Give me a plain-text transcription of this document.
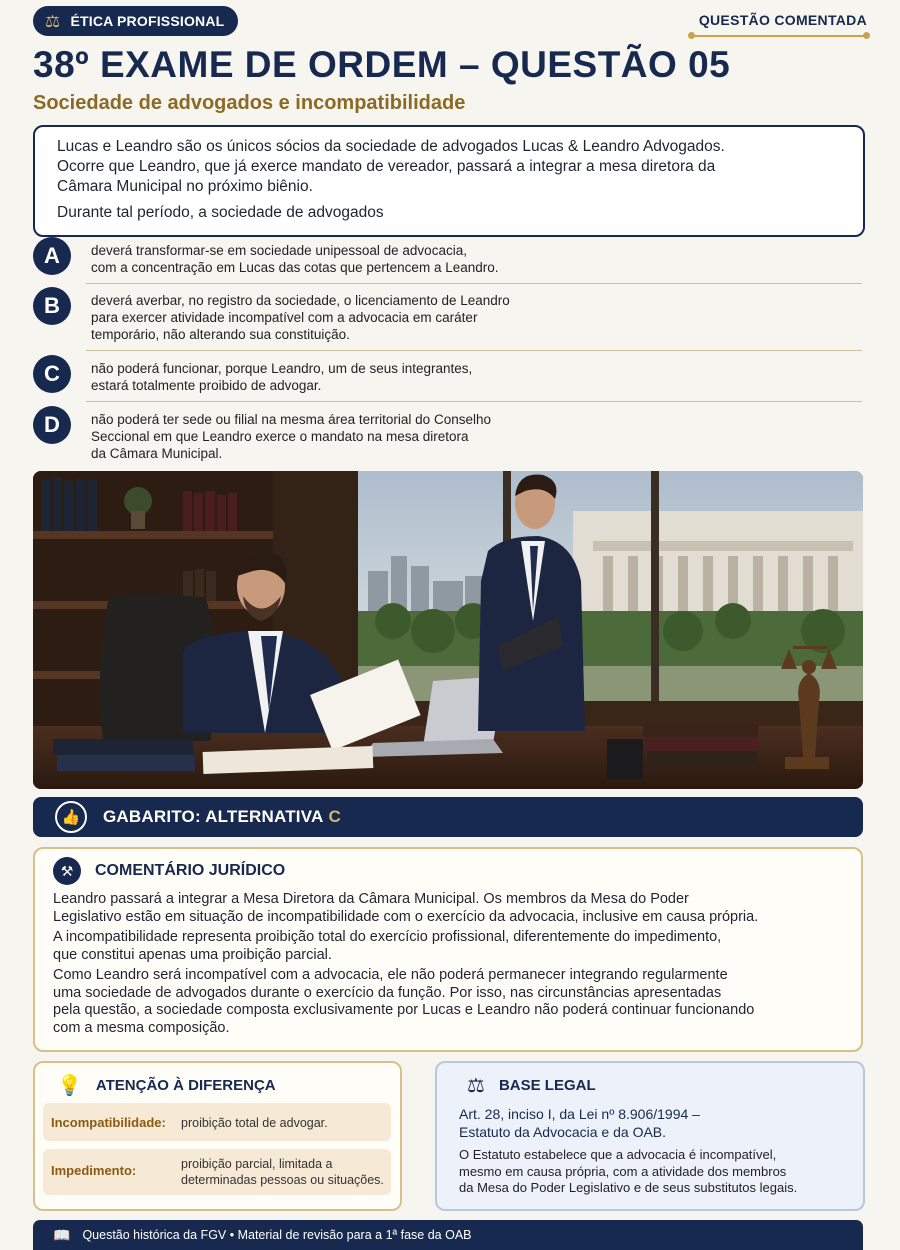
⚖ ÉTICA PROFISSIONAL	QUESTÃO COMENTADA
38º EXAME DE ORDEM – QUESTÃO 05
Sociedade de advogados e incompatibilidade

Lucas e Leandro são os únicos sócios da sociedade de advogados Lucas & Leandro Advogados.

Ocorre que Leandro, que já exerce mandato de vereador, passará a integrar a mesa diretora da

Câmara Municipal no próximo biênio.

Durante tal período, a sociedade de advogados

A	deverá transformar-se em sociedade unipessoal de advocacia,
com a concentração em Lucas das cotas que pertencem a Leandro.
B	deverá averbar, no registro da sociedade, o licenciamento de Leandro
para exercer atividade incompatível com a advocacia em caráter
temporário, não alterando sua constituição.
C	não poderá funcionar, porque Leandro, um de seus integrantes,
estará totalmente proibido de advogar.
D	não poderá ter sede ou filial na mesma área territorial do Conselho
Seccional em que Leandro exerce o mandato na mesa diretora
da Câmara Municipal.
👍	GABARITO: ALTERNATIVA C
⚒	COMENTÁRIO JURÍDICO

Leandro passará a integrar a Mesa Diretora da Câmara Municipal. Os membros da Mesa do Poder
Legislativo estão em situação de incompatibilidade com o exercício da advocacia, inclusive em causa própria.

A incompatibilidade representa proibição total do exercício profissional, diferentemente do impedimento,
que constitui apenas uma proibição parcial.

Como Leandro será incompatível com a advocacia, ele não poderá permanecer integrando regularmente
uma sociedade de advogados durante o exercício da função. Por isso, nas circunstâncias apresentadas
pela questão, a sociedade composta exclusivamente por Lucas e Leandro não poderá continuar funcionando
com a mesma composição.

💡 ATENÇÃO À DIFERENÇA
Incompatibilidade: proibição total de advogar.
Impedimento:	proibição parcial, limitada a
determinadas pessoas ou situações.
⚖ BASE LEGAL
Art. 28, inciso I, da Lei nº 8.906/1994 –
Estatuto da Advocacia e da OAB.
O Estatuto estabelece que a advocacia é incompatível,
mesmo em causa própria, com a atividade dos membros
da Mesa do Poder Legislativo e de seus substitutos legais.
📖 Questão histórica da FGV • Material de revisão para a 1ª fase da OAB
